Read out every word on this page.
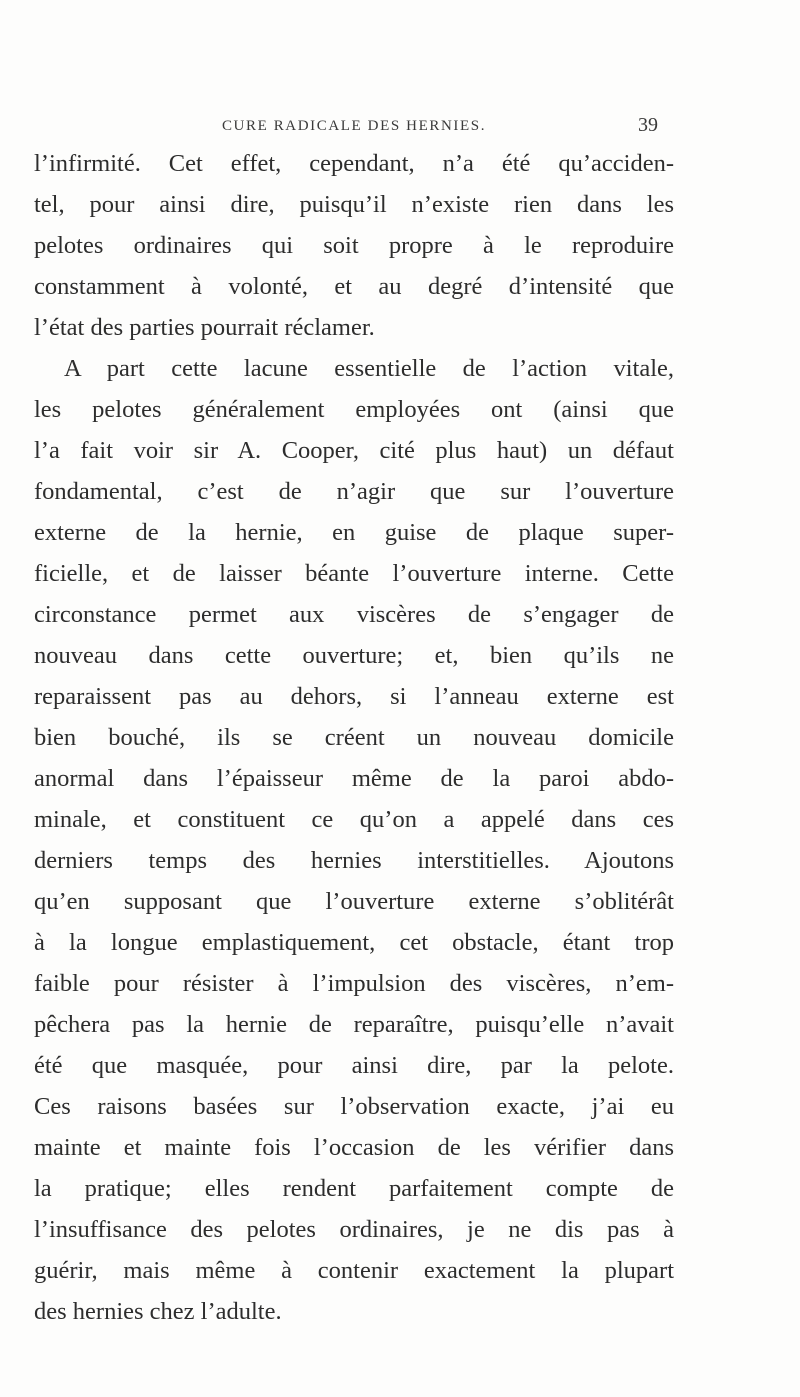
CURE RADICALE DES HERNIES.	39
l’infirmité. Cet effet, cependant, n’a été qu’acciden-
tel, pour ainsi dire, puisqu’il n’existe rien dans les
pelotes ordinaires qui soit propre à le reproduire
constamment à volonté, et au degré d’intensité que
l’état des parties pourrait réclamer.
A part cette lacune essentielle de l’action vitale,
les pelotes généralement employées ont (ainsi que
l’a fait voir sir A. Cooper, cité plus haut) un défaut
fondamental, c’est de n’agir que sur l’ouverture
externe de la hernie, en guise de plaque super-
ficielle, et de laisser béante l’ouverture interne. Cette
circonstance permet aux viscères de s’engager de
nouveau dans cette ouverture; et, bien qu’ils ne
reparaissent pas au dehors, si l’anneau externe est
bien bouché, ils se créent un nouveau domicile
anormal dans l’épaisseur même de la paroi abdo-
minale, et constituent ce qu’on a appelé dans ces
derniers temps des hernies interstitielles. Ajoutons
qu’en supposant que l’ouverture externe s’oblitérât
à la longue emplastiquement, cet obstacle, étant trop
faible pour résister à l’impulsion des viscères, n’em-
pêchera pas la hernie de reparaître, puisqu’elle n’avait
été que masquée, pour ainsi dire, par la pelote.
Ces raisons basées sur l’observation exacte, j’ai eu
mainte et mainte fois l’occasion de les vérifier dans
la pratique; elles rendent parfaitement compte de
l’insuffisance des pelotes ordinaires, je ne dis pas à
guérir, mais même à contenir exactement la plupart
des hernies chez l’adulte.
